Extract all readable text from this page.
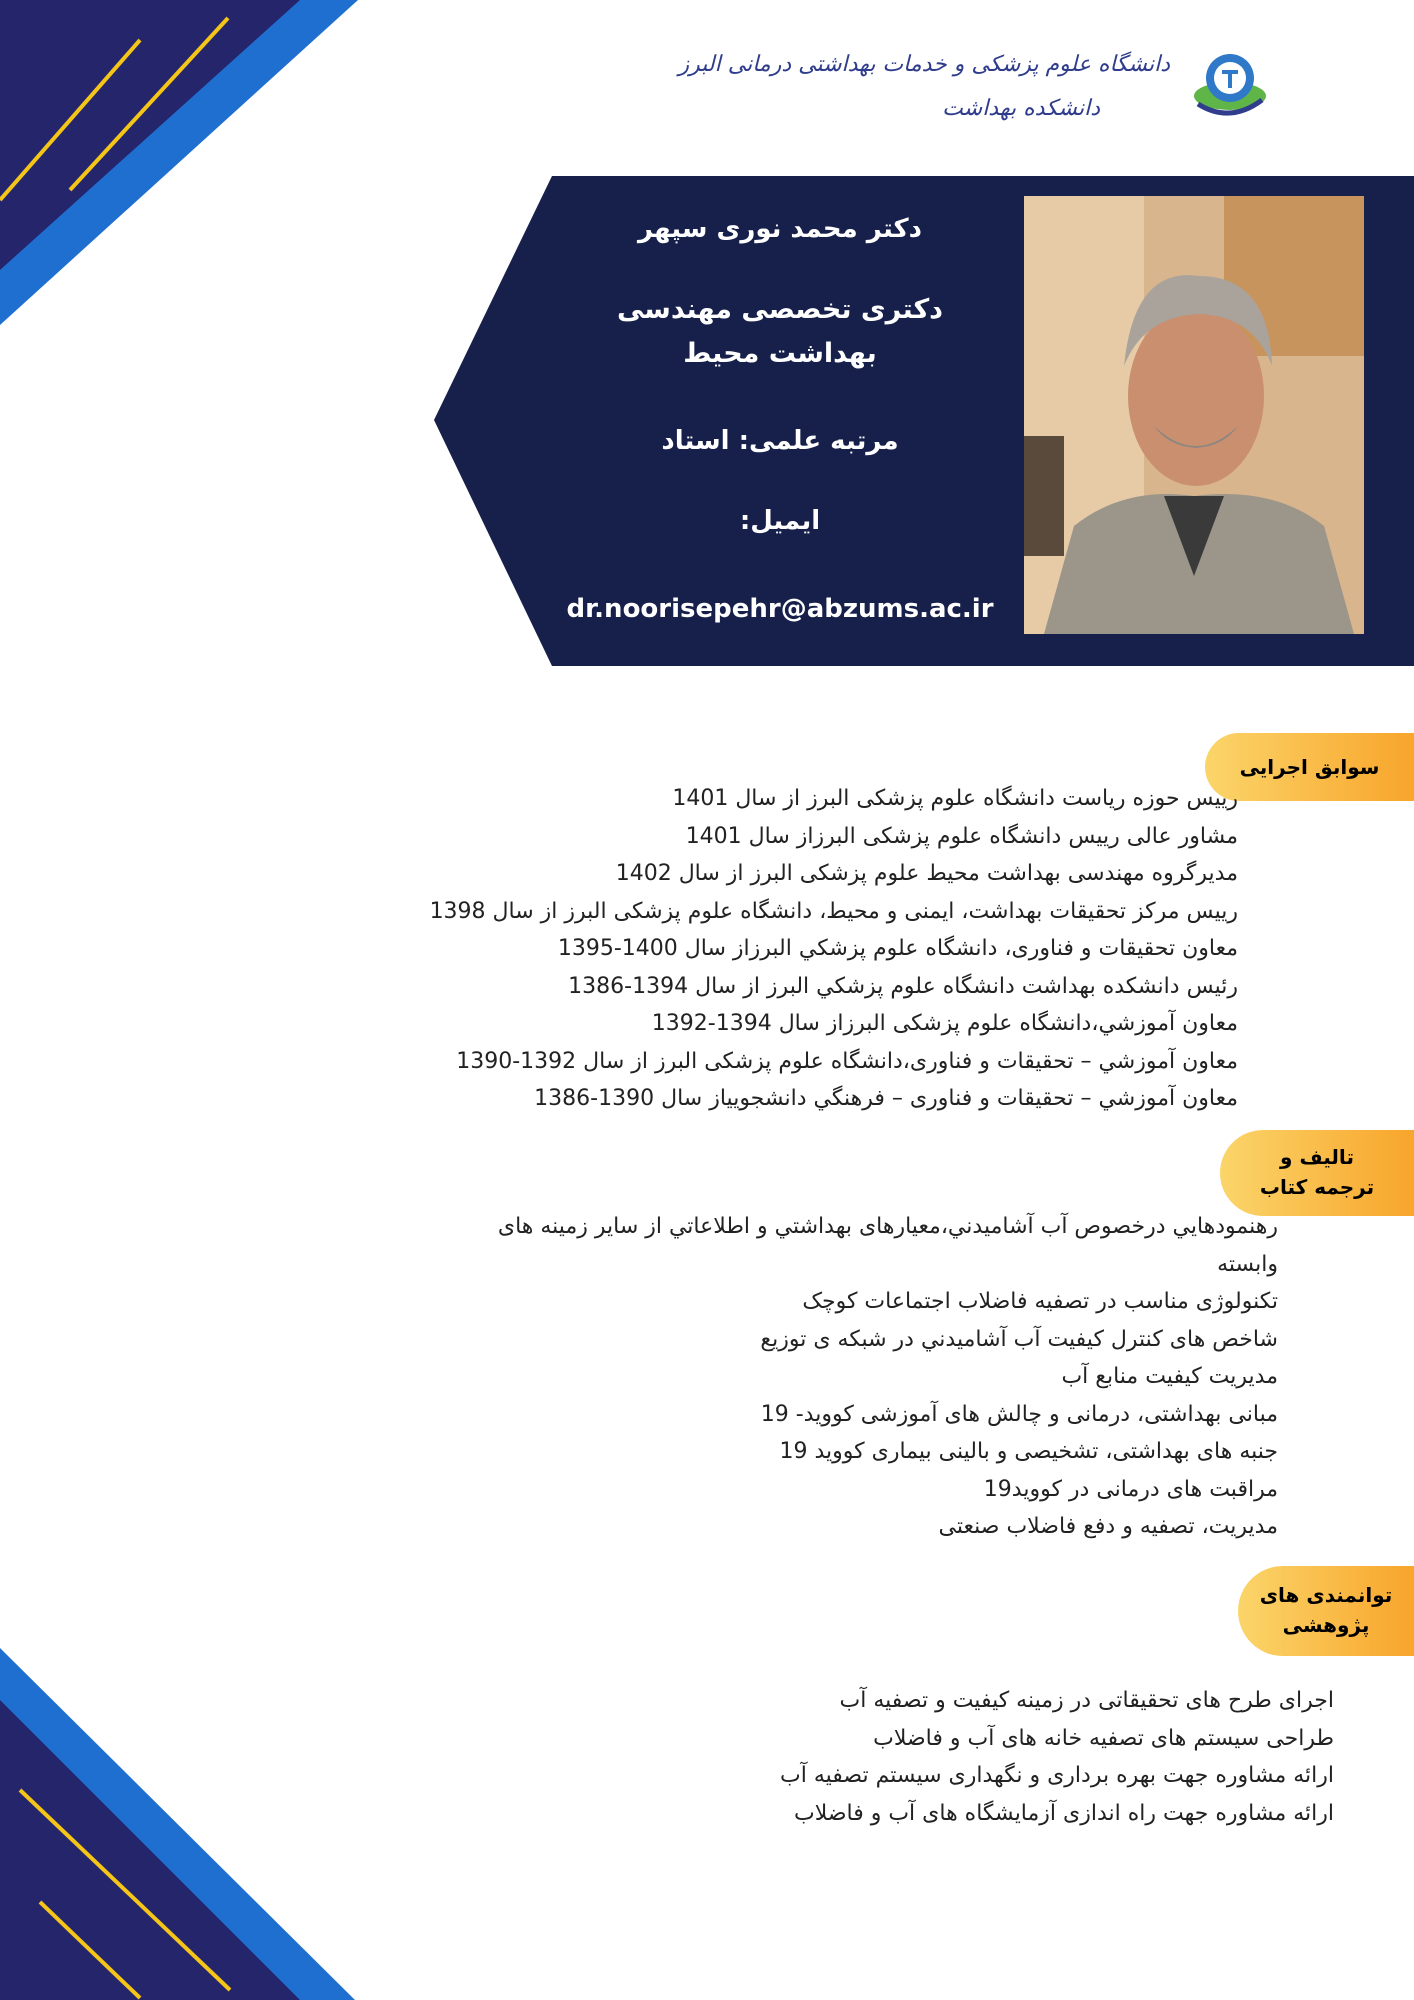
دانشگاه علوم پزشکی و خدمات بهداشتی درمانی البرز
دانشکده بهداشت
دکتر محمد نوری سپهر
دکتری تخصصی مهندسی
بهداشت محیط
مرتبه علمی: استاد
ایمیل:
dr.noorisepehr@abzums.ac.ir
سوابق اجرایی
رییس حوزه ریاست دانشگاه علوم پزشکی البرز از سال 1401
مشاور عالی رییس دانشگاه علوم پزشکی البرزاز سال 1401
مدیرگروه مهندسی بهداشت محیط علوم پزشکی البرز از سال 1402
رییس مرکز تحقیقات بهداشت، ایمنی و محیط، دانشگاه علوم پزشکی البرز از سال 1398
معاون تحقیقات و فناوری، دانشگاه علوم پزشكي البرزاز سال 1400-1395
رئيس دانشكده بهداشت دانشگاه علوم پزشكي البرز از سال 1394-1386
معاون آموزشي،دانشگاه علوم پزشکی البرزاز سال 1394-1392
معاون آموزشي – تحقيقات و فناوری،دانشگاه علوم پزشکی البرز از سال 1392-1390
معاون آموزشي – تحقيقات و فناوری – فرهنگي دانشجوییاز سال 1390-1386
تالیف و
ترجمه کتاب
رهنمودهايي درخصوص آب آشاميدني،معيارهای بهداشتي و اطلاعاتي از ساير زمينه های وابسته
تکنولوژی مناسب در تصفيه فاضلاب اجتماعات کوچک
شاخص های کنترل کيفيت آب آشاميدني در شبکه ی توزيع
مديريت کيفيت منابع آب
مبانی بهداشتی، درمانی و چالش های آموزشی کووید- 19
جنبه های بهداشتی، تشخیصی و بالینی بیماری کووید 19
مراقبت های درمانی در کووید19
مدیریت، تصفیه و دفع فاضلاب صنعتی
توانمندی های
پژوهشی
اجرای طرح های تحقیقاتی در زمینه کیفیت و تصفیه آب
طراحی سیستم های تصفیه خانه های آب و فاضلاب
ارائه مشاوره جهت بهره برداری و نگهداری سیستم تصفیه آب
ارائه مشاوره جهت راه اندازی آزمایشگاه های آب و فاضلاب
